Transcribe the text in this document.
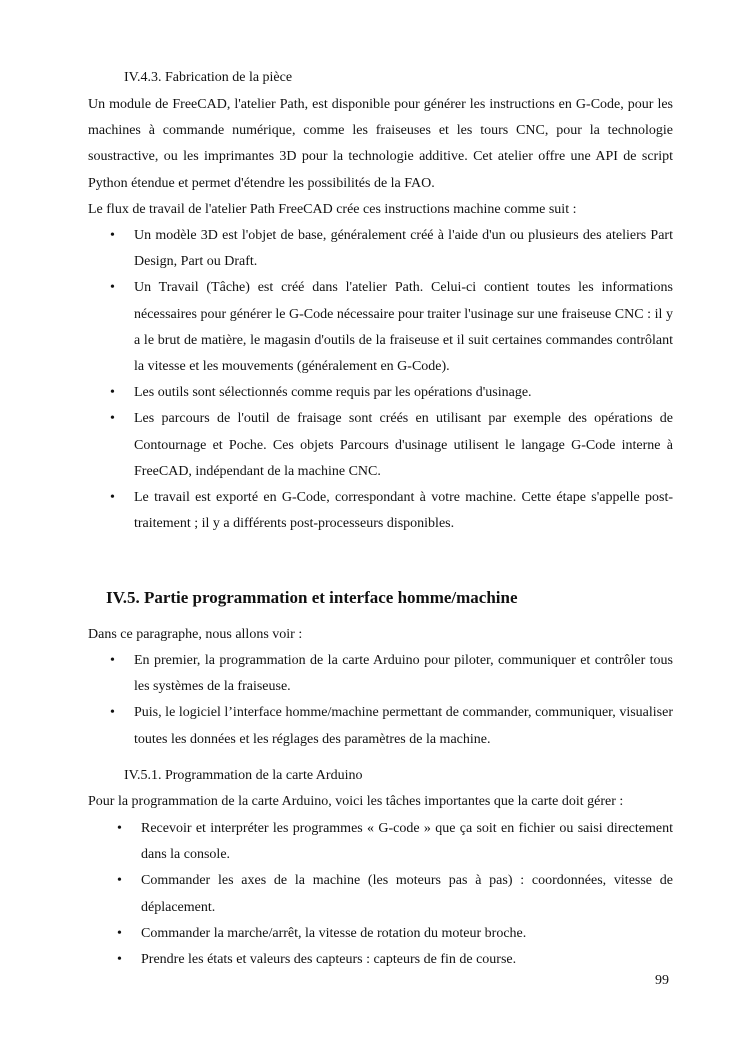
IV.4.3. Fabrication de la pièce

Un module de FreeCAD, l'atelier Path, est disponible pour générer les instructions en G-Code, pour les machines à commande numérique, comme les fraiseuses et les tours CNC, pour la technologie soustractive, ou les imprimantes 3D pour la technologie additive. Cet atelier offre une API de script Python étendue et permet d'étendre les possibilités de la FAO.

Le flux de travail de l'atelier Path FreeCAD crée ces instructions machine comme suit :

• Un modèle 3D est l'objet de base, généralement créé à l'aide d'un ou plusieurs des ateliers Part Design, Part ou Draft.
• Un Travail (Tâche) est créé dans l'atelier Path. Celui-ci contient toutes les informations nécessaires pour générer le G-Code nécessaire pour traiter l'usinage sur une fraiseuse CNC : il y a le brut de matière, le magasin d'outils de la fraiseuse et il suit certaines commandes contrôlant la vitesse et les mouvements (généralement en G-Code).
• Les outils sont sélectionnés comme requis par les opérations d'usinage.
• Les parcours de l'outil de fraisage sont créés en utilisant par exemple des opérations de Contournage et Poche. Ces objets Parcours d'usinage utilisent le langage G-Code interne à FreeCAD, indépendant de la machine CNC.
• Le travail est exporté en G-Code, correspondant à votre machine. Cette étape s'appelle post-traitement ; il y a différents post-processeurs disponibles.
IV.5. Partie programmation et interface homme/machine

Dans ce paragraphe, nous allons voir :

• En premier, la programmation de la carte Arduino pour piloter, communiquer et contrôler tous les systèmes de la fraiseuse.
• Puis, le logiciel l’interface homme/machine permettant de commander, communiquer, visualiser toutes les données et les réglages des paramètres de la machine.
IV.5.1. Programmation de la carte Arduino

Pour la programmation de la carte Arduino, voici les tâches importantes que la carte doit gérer :

• Recevoir et interpréter les programmes « G-code » que ça soit en fichier ou saisi directement dans la console.
• Commander les axes de la machine (les moteurs pas à pas) : coordonnées, vitesse de déplacement.
• Commander la marche/arrêt, la vitesse de rotation du moteur broche.
• Prendre les états et valeurs des capteurs : capteurs de fin de course.
99
